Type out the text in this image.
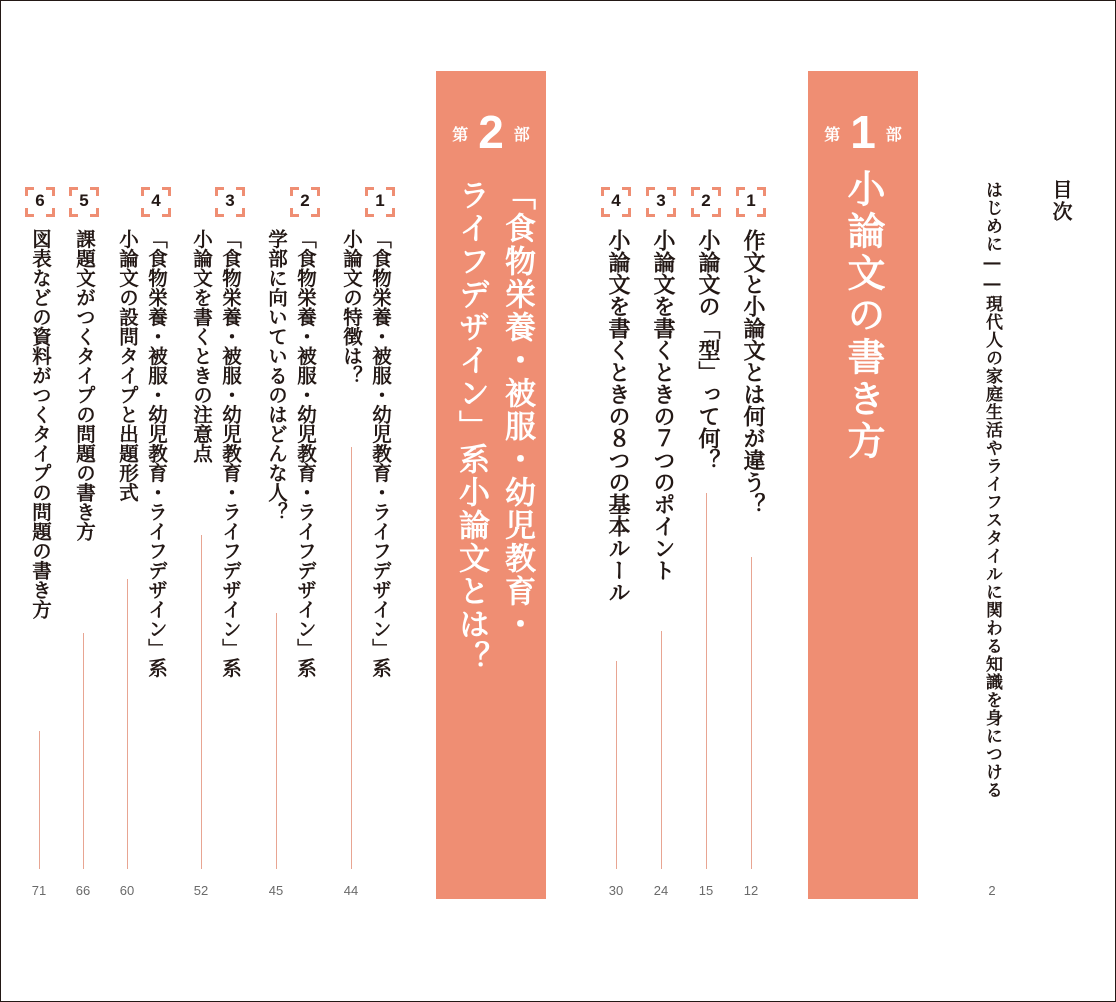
目次
はじめに――現代人の家庭生活やライフスタイルに関わる知識を身につける
2
第 1 部
小論文の書き方
1
作文と小論文とは何が違う？
12
2
小論文の「型」って何？
15
3
小論文を書くときの７つのポイント
24
4
小論文を書くときの８つの基本ルール
30
第 2 部
「食物栄養・被服・幼児教育・
ライフデザイン」系小論文とは？
1
「食物栄養・被服・幼児教育・ライフデザイン」系
小論文の特徴は？
44
2
「食物栄養・被服・幼児教育・ライフデザイン」系
学部に向いているのはどんな人？
45
3
「食物栄養・被服・幼児教育・ライフデザイン」系
小論文を書くときの注意点
52
4
「食物栄養・被服・幼児教育・ライフデザイン」系
小論文の設問タイプと出題形式
60
5
課題文がつくタイプの問題の書き方
66
6
図表などの資料がつくタイプの問題の書き方
71
